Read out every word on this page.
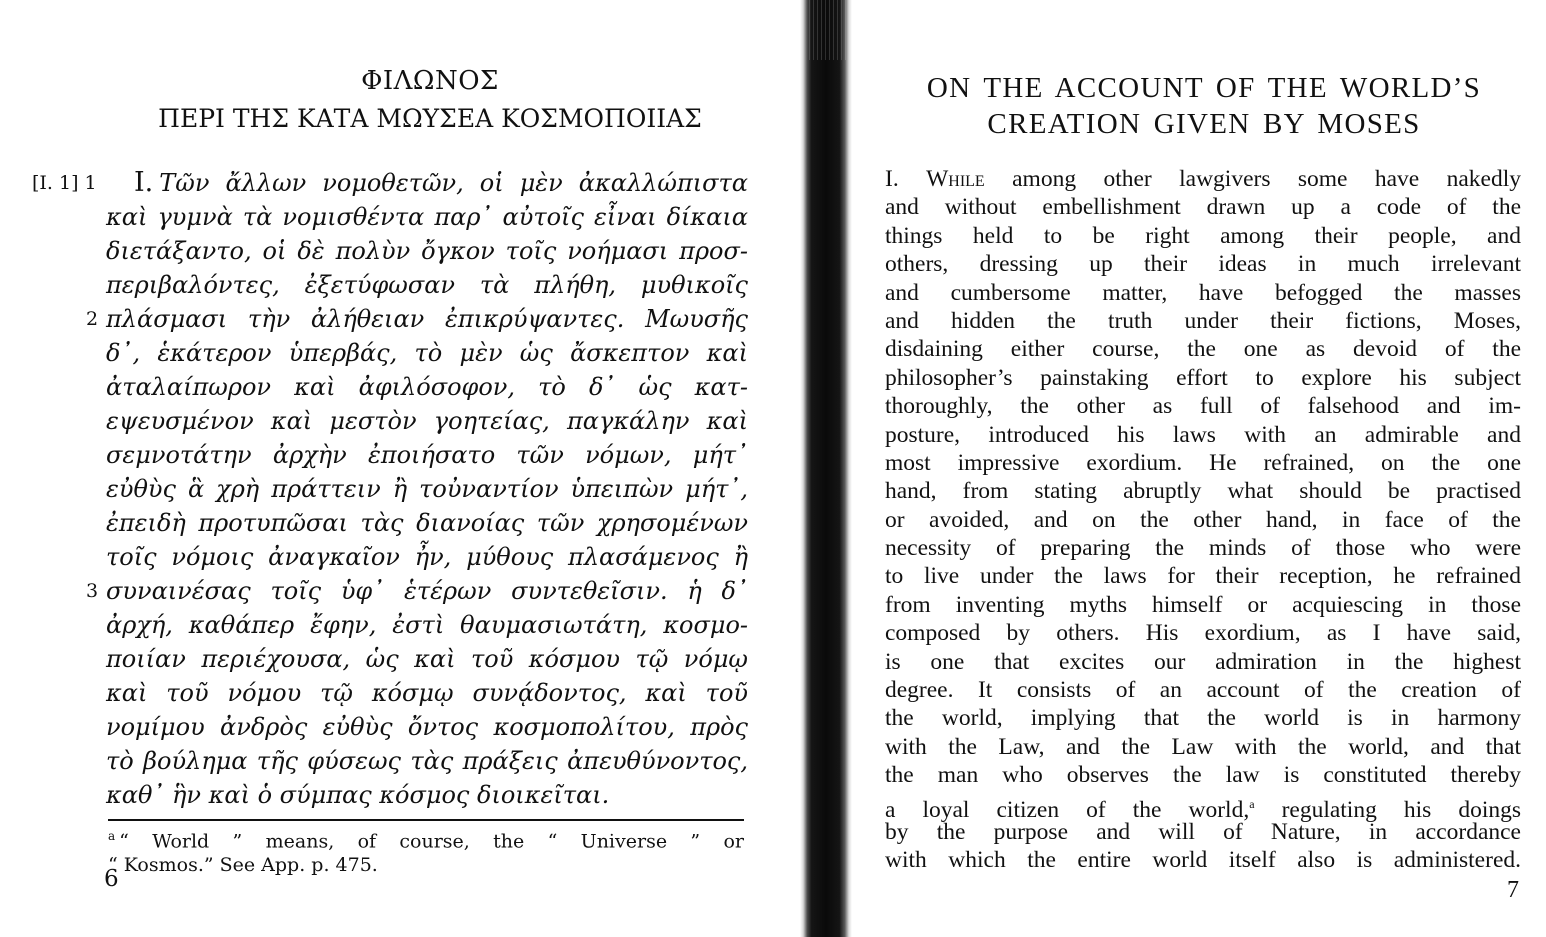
ΦΙΛΩΝΟΣ
ΠΕΡΙ ΤΗΣ ΚΑΤΑ ΜΩΥΣΕΑ ΚΟΣΜΟΠΟΙΙΑΣ
[I. 1] 1	I. Τῶν ἄλλων νομοθετῶν, οἱ μὲν ἀκαλλώπιστα
καὶ γυμνὰ τὰ νομισθέντα παρ᾽ αὐτοῖς εἶναι δίκαια
διετάξαντο, οἱ δὲ πολὺν ὄγκον τοῖς νοήμασι προσ-
περιβαλόντες, ἐξετύφωσαν τὰ πλήθη, μυθικοῖς
2 πλάσμασι τὴν ἀλήθειαν ἐπικρύψαντες. Μωυσῆς
δ᾽, ἑκάτερον ὑπερβάς, τὸ μὲν ὡς ἄσκεπτον καὶ
ἀταλαίπωρον καὶ ἀφιλόσοφον, τὸ δ᾽ ὡς κατ-
εψευσμένον καὶ μεστὸν γοητείας, παγκάλην καὶ
σεμνοτάτην ἀρχὴν ἐποιήσατο τῶν νόμων, μήτ᾽
εὐθὺς ἃ χρὴ πράττειν ἢ τοὐναντίον ὑπειπὼν μήτ᾽,
ἐπειδὴ προτυπῶσαι τὰς διανοίας τῶν χρησομένων
τοῖς νόμοις ἀναγκαῖον ἦν, μύθους πλασάμενος ἢ
3 συναινέσας τοῖς ὑφ᾽ ἑτέρων συντεθεῖσιν. ἡ δ᾽
ἀρχή, καθάπερ ἔφην, ἐστὶ θαυμασιωτάτη, κοσμο-
ποιίαν περιέχουσα, ὡς καὶ τοῦ κόσμου τῷ νόμῳ
καὶ τοῦ νόμου τῷ κόσμῳ συνᾴδοντος, καὶ τοῦ
νομίμου ἀνδρὸς εὐθὺς ὄντος κοσμοπολίτου, πρὸς
τὸ βούλημα τῆς φύσεως τὰς πράξεις ἀπευθύνοντος,
καθ᾽ ἣν καὶ ὁ σύμπας κόσμος διοικεῖται.
$^a$ “ World ” means, of course, the “ Universe ” or
“ Kosmos.” See App. p. 475.
6
ON THE ACCOUNT OF THE WORLD’S
CREATION GIVEN BY MOSES
I. While among other lawgivers some have nakedly
and without embellishment drawn up a code of the
things held to be right among their people, and
others, dressing up their ideas in much irrelevant
and cumbersome matter, have befogged the masses
and hidden the truth under their fictions, Moses,
disdaining either course, the one as devoid of the
philosopher’s painstaking effort to explore his subject
thoroughly, the other as full of falsehood and im-
posture, introduced his laws with an admirable and
most impressive exordium. He refrained, on the one
hand, from stating abruptly what should be practised
or avoided, and on the other hand, in face of the
necessity of preparing the minds of those who were
to live under the laws for their reception, he refrained
from inventing myths himself or acquiescing in those
composed by others. His exordium, as I have said,
is one that excites our admiration in the highest
degree. It consists of an account of the creation of
the world, implying that the world is in harmony
with the Law, and the Law with the world, and that
the man who observes the law is constituted thereby
a loyal citizen of the world,$^a$ regulating his doings
by the purpose and will of Nature, in accordance
with which the entire world itself also is administered.
7
